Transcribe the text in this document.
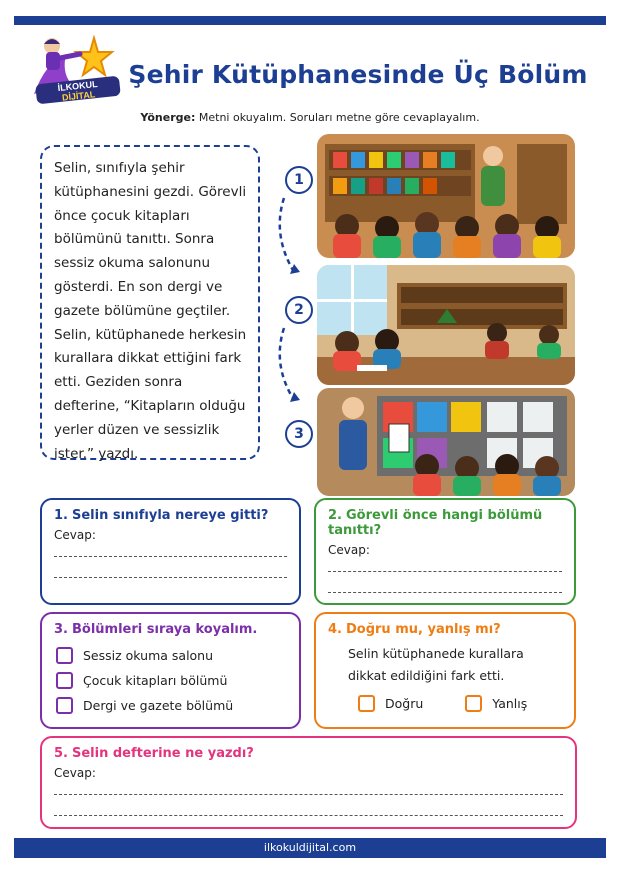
İLKOKUL
DİJİTAL
Şehir Kütüphanesinde Üç Bölüm
Yönerge: Metni okuyalım. Soruları metne göre cevaplayalım.

Selin, sınıfıyla şehir kütüphanesini gezdi. Görevli önce çocuk kitapları bölümünü tanıttı. Sonra sessiz okuma salonunu gösterdi. En son dergi ve gazete bölümüne geçtiler. Selin, kütüphanede herkesin kurallara dikkat ettiğini fark etti. Geziden sonra defterine, “Kitapların olduğu yerler düzen ve sessizlik ister.” yazdı.

1
2
3
1. Selin sınıfıyla nereye gitti?
Cevap:
2. Görevli önce hangi bölümü tanıttı?
Cevap:
3. Bölümleri sıraya koyalım.
Sessiz okuma salonu
Çocuk kitapları bölümü
Dergi ve gazete bölümü
4. Doğru mu, yanlış mı?
Selin kütüphanede kurallara
dikkat edildiğini fark etti.
Doğru	Yanlış
5. Selin defterine ne yazdı?
Cevap:
ilkokuldijital.com
